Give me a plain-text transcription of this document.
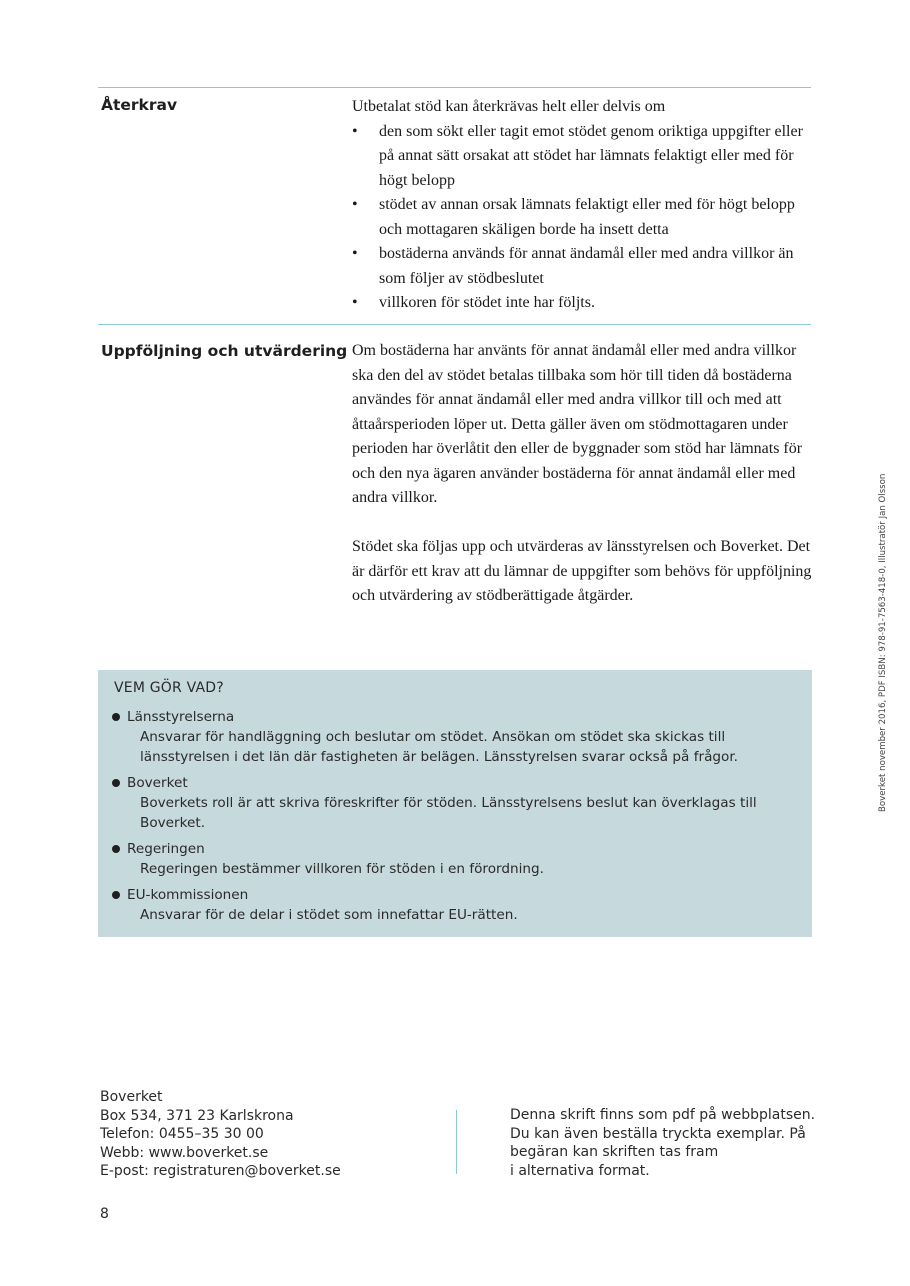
Återkrav	Utbetalat stöd kan återkrävas helt eller delvis om

• den som sökt eller tagit emot stödet genom oriktiga uppgifter eller på annat sätt orsakat att stödet har lämnats felaktigt eller med för högt belopp
• stödet av annan orsak lämnats felaktigt eller med för högt belopp och mottagaren skäligen borde ha insett detta
• bostäderna används för annat ändamål eller med andra villkor än som följer av stödbeslutet
• villkoren för stödet inte har följts.
Uppföljning och utvärdering Om bostäderna har använts för annat ändamål eller med andra villkor ska den del av stödet betalas tillbaka som hör till tiden då bostäderna användes för annat ändamål eller med andra villkor till och med att åttaårsperioden löper ut. Detta gäller även om stödmottagaren under perioden har överlåtit den eller de byggnader som stöd har lämnats för och den nya ägaren använder bostäderna för annat ändamål eller med andra villkor.

Stödet ska följas upp och utvärderas av länsstyrelsen och Boverket. Det är därför ett krav att du lämnar de uppgifter som behövs för uppföljning och utvärdering av stödberättigade åtgärder.

VEM GÖR VAD?

Länsstyrelserna
Ansvarar för handläggning och beslutar om stödet. Ansökan om stödet ska skickas till länsstyrelsen i det län där fastigheten är belägen. Länsstyrelsen svarar också på frågor.
Boverket
Boverkets roll är att skriva föreskrifter för stöden. Länsstyrelsens beslut kan överklagas till Boverket.
Regeringen
Regeringen bestämmer villkoren för stöden i en förordning.
EU-kommissionen
Ansvarar för de delar i stödet som innefattar EU-rätten.
Boverket november 2016, PDF ISBN: 978-91-7563-418-0, Illustratör Jan Olsson

Boverket
Box 534, 371 23 Karlskrona
Telefon: 0455–35 30 00
Webb: www.boverket.se
E-post: registraturen@boverket.se

Denna skrift finns som pdf på webbplatsen.
Du kan även beställa tryckta exemplar. På
begäran kan skriften tas fram
i alternativa format.

8
